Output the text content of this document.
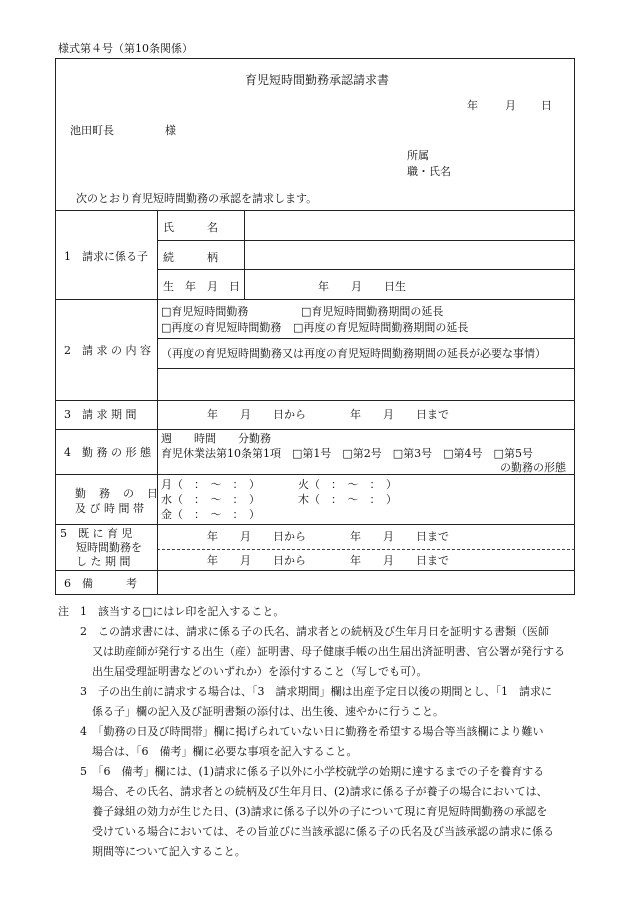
様式第４号（第10条関係）
育児短時間勤務承認請求書
年 月 日
池田町長	様
所属
職・氏名
次のとおり育児短時間勤務の承認を請求します。
1　請求に係る子
氏　　　名
続　　　柄
生　年　月　日	年　　月　　日生
2　請 求 の 内 容
□育児短時間勤務	□育児短時間勤務期間の延長
□再度の育児短時間勤務 □再度の育児短時間勤務期間の延長
（再度の育児短時間勤務又は再度の育児短時間勤務期間の延長が必要な事情）
3　請 求 期 間	年　　月　　日から　　　　年　　月　　日まで
4　勤 務 の 形 態
週　　時間　　分勤務
育児休業法第10条第1項　□第1号　□第2号　□第3号　□第4号　□第5号
の勤務の形態
勤　務　の　日
及 び 時 間 帯
月（　：　〜　：　）	火（　：　〜　：　）
水（　：　〜　：　）	木（　：　〜　：　）
金（　：　〜　：　）
5　既 に 育 児
短時間勤務を
し た 期 間
年　　月　　日から　　　　年　　月　　日まで
年　　月　　日から　　　　年　　月　　日まで
6　備　　　考
注　1　該当する□にはレ印を記入すること。
2　この請求書には、請求に係る子の氏名、請求者との続柄及び生年月日を証明する書類（医師
又は助産師が発行する出生（産）証明書、母子健康手帳の出生届出済証明書、官公署が発行する
出生届受理証明書などのいずれか）を添付すること（写しでも可）。
3　子の出生前に請求する場合は、「3　請求期間」欄は出産予定日以後の期間とし、「1　請求に
係る子」欄の記入及び証明書類の添付は、出生後、速やかに行うこと。
4　「勤務の日及び時間帯」欄に掲げられていない日に勤務を希望する場合等当該欄により難い
場合は、「6　備考」欄に必要な事項を記入すること。
5　「6　備考」欄には、(1)請求に係る子以外に小学校就学の始期に達するまでの子を養育する
場合、その氏名、請求者との続柄及び生年月日、(2)請求に係る子が養子の場合においては、
養子縁組の効力が生じた日、(3)請求に係る子以外の子について現に育児短時間勤務の承認を
受けている場合においては、その旨並びに当該承認に係る子の氏名及び当該承認の請求に係る
期間等について記入すること。
